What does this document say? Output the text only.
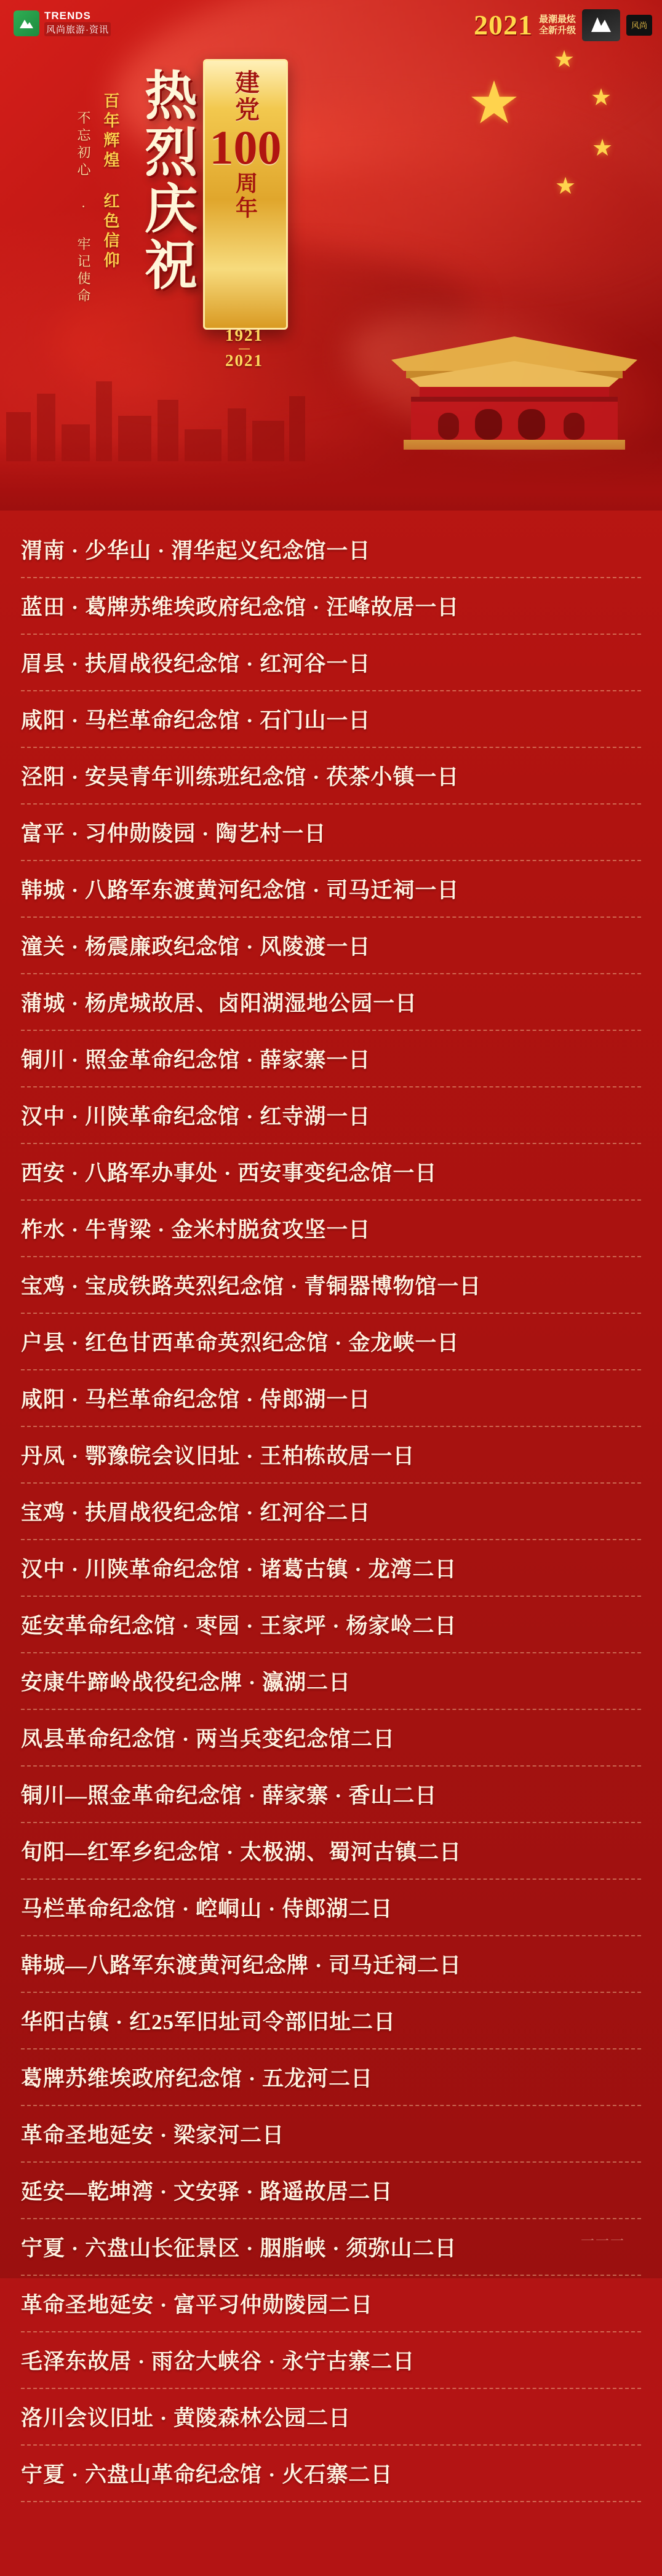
★
★
★
★
★
TRENDS
风尚旅游·资讯	2021 最潮最炫
全新升级	风尚
不忘初心 · 牢记使命 百年辉煌 红色信仰 热烈庆祝	建党
100
周年
1921
—
2021
渭南 · 少华山 · 渭华起义纪念馆一日
蓝田 · 葛牌苏维埃政府纪念馆 · 汪峰故居一日
眉县 · 扶眉战役纪念馆 · 红河谷一日
咸阳 · 马栏革命纪念馆 · 石门山一日
泾阳 · 安吴青年训练班纪念馆 · 茯茶小镇一日
富平 · 习仲勋陵园 · 陶艺村一日
韩城 · 八路军东渡黄河纪念馆 · 司马迁祠一日
潼关 · 杨震廉政纪念馆 · 风陵渡一日
蒲城 · 杨虎城故居、卤阳湖湿地公园一日
铜川 · 照金革命纪念馆 · 薛家寨一日
汉中 · 川陕革命纪念馆 · 红寺湖一日
西安 · 八路军办事处 · 西安事变纪念馆一日
柞水 · 牛背梁 · 金米村脱贫攻坚一日
宝鸡 · 宝成铁路英烈纪念馆 · 青铜器博物馆一日
户县 · 红色甘西革命英烈纪念馆 · 金龙峡一日
咸阳 · 马栏革命纪念馆 · 侍郎湖一日
丹凤 · 鄂豫皖会议旧址 · 王柏栋故居一日
宝鸡 · 扶眉战役纪念馆 · 红河谷二日
汉中 · 川陕革命纪念馆 · 诸葛古镇 · 龙湾二日
延安革命纪念馆 · 枣园 · 王家坪 · 杨家岭二日
安康牛蹄岭战役纪念牌 · 瀛湖二日
凤县革命纪念馆 · 两当兵变纪念馆二日
铜川—照金革命纪念馆 · 薛家寨 · 香山二日
旬阳—红军乡纪念馆 · 太极湖、蜀河古镇二日
马栏革命纪念馆 · 崆峒山 · 侍郎湖二日
韩城—八路军东渡黄河纪念牌 · 司马迁祠二日
华阳古镇 · 红25军旧址司令部旧址二日
葛牌苏维埃政府纪念馆 · 五龙河二日
革命圣地延安 · 梁家河二日
延安—乾坤湾 · 文安驿 · 路遥故居二日
宁夏 · 六盘山长征景区 · 胭脂峡 · 须弥山二日
革命圣地延安 · 富平习仲勋陵园二日
毛泽东故居 · 雨岔大峡谷 · 永宁古寨二日
洛川会议旧址 · 黄陵森林公园二日
宁夏 · 六盘山革命纪念馆 · 火石寨二日
一一一
